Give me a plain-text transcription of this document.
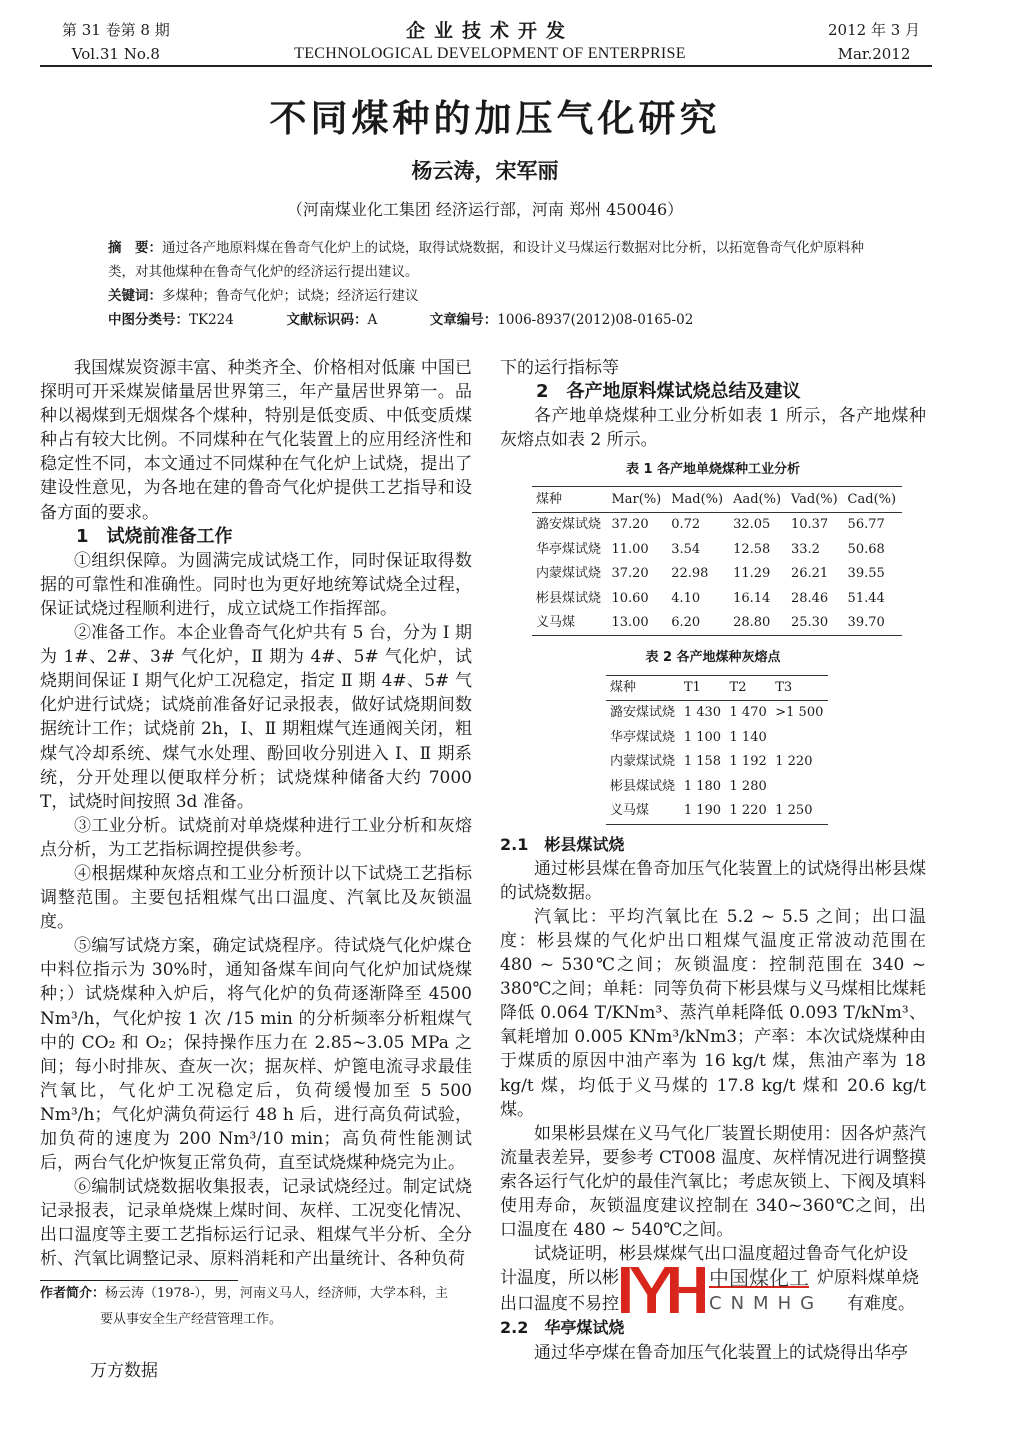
第 31 卷第 8 期
Vol.31 No.8
企业技术开发
TECHNOLOGICAL DEVELOPMENT OF ENTERPRISE
2012 年 3 月
Mar.2012
不同煤种的加压气化研究
杨云涛，宋军丽
（河南煤业化工集团 经济运行部，河南 郑州 450046）
摘　要：通过各产地原料煤在鲁奇气化炉上的试烧，取得试烧数据，和设计义马煤运行数据对比分析，以拓宽鲁奇气化炉原料种类，对其他煤种在鲁奇气化炉的经济运行提出建议。
关键词：多煤种；鲁奇气化炉；试烧；经济运行建议
中图分类号：TK224	文献标识码：A	文章编号：1006-8937(2012)08-0165-02

我国煤炭资源丰富、种类齐全、价格相对低廉 中国已探明可开采煤炭储量居世界第三，年产量居世界第一。品种以褐煤到无烟煤各个煤种，特别是低变质、中低变质煤种占有较大比例。不同煤种在气化装置上的应用经济性和稳定性不同，本文通过不同煤种在气化炉上试烧，提出了建设性意见，为各地在建的鲁奇气化炉提供工艺指导和设备方面的要求。

1　试烧前准备工作

①组织保障。为圆满完成试烧工作，同时保证取得数据的可靠性和准确性。同时也为更好地统筹试烧全过程，保证试烧过程顺利进行，成立试烧工作指挥部。

②准备工作。本企业鲁奇气化炉共有 5 台，分为 Ⅰ 期为 1#、2#、3# 气化炉，Ⅱ 期为 4#、5# 气化炉，试烧期间保证 Ⅰ 期气化炉工况稳定，指定 Ⅱ 期 4#、5# 气化炉进行试烧；试烧前准备好记录报表，做好试烧期间数据统计工作；试烧前 2h，Ⅰ、Ⅱ 期粗煤气连通阀关闭，粗煤气冷却系统、煤气水处理、酚回收分别进入 Ⅰ、Ⅱ 期系统，分开处理以便取样分析；试烧煤种储备大约 7000 T，试烧时间按照 3d 准备。

③工业分析。试烧前对单烧煤种进行工业分析和灰熔点分析，为工艺指标调控提供参考。

④根据煤种灰熔点和工业分析预计以下试烧工艺指标调整范围。主要包括粗煤气出口温度、汽氧比及灰锁温度。

⑤编写试烧方案，确定试烧程序。待试烧气化炉煤仓中料位指示为 30%时，通知备煤车间向气化炉加试烧煤种；）试烧煤种入炉后，将气化炉的负荷逐渐降至 4500 Nm³/h，气化炉按 1 次 /15 min 的分析频率分析粗煤气中的 CO₂ 和 O₂；保持操作压力在 2.85~3.05 MPa 之间；每小时排灰、查灰一次；据灰样、炉篦电流寻求最佳汽氧比，气化炉工况稳定后，负荷缓慢加至 5 500 Nm³/h；气化炉满负荷运行 48 h 后，进行高负荷试验，加负荷的速度为 200 Nm³/10 min；高负荷性能测试后，两台气化炉恢复正常负荷，直至试烧煤种烧完为止。

⑥编制试烧数据收集报表，记录试烧经过。制定试烧记录报表，记录单烧煤上煤时间、灰样、工况变化情况、出口温度等主要工艺指标运行记录、粗煤气半分析、全分析、汽氧比调整记录、原料消耗和产出量统计、各种负荷

作者简介：杨云涛（1978-），男，河南义马人，经济师，大学本科，主
要从事安全生产经营管理工作。
万方数据

下的运行指标等

2　各产地原料煤试烧总结及建议

各产地单烧煤种工业分析如表 1 所示，各产地煤种灰熔点如表 2 所示。

表 1 各产地单烧煤种工业分析
煤种	Mar(%)	Mad(%)	Aad(%)	Vad(%)	Cad(%)
潞安煤试烧	37.20	0.72	32.05	10.37	56.77
华亭煤试烧	11.00	3.54	12.58	33.2	50.68
内蒙煤试烧	37.20	22.98	11.29	26.21	39.55
彬县煤试烧	10.60	4.10	16.14	28.46	51.44
义马煤	13.00	6.20	28.80	25.30	39.70
表 2 各产地煤种灰熔点
煤种	T1	T2	T3
潞安煤试烧	1 430	1 470	>1 500
华亭煤试烧	1 100	1 140	
内蒙煤试烧	1 158	1 192	1 220
彬县煤试烧	1 180	1 280	
义马煤	1 190	1 220	1 250

2.1　彬县煤试烧

通过彬县煤在鲁奇加压气化装置上的试烧得出彬县煤的试烧数据。

汽氧比：平均汽氧比在 5.2 ~ 5.5 之间；出口温度：彬县煤的气化炉出口粗煤气温度正常波动范围在 480 ~ 530℃之间；灰锁温度：控制范围在 340 ~ 380℃之间；单耗：同等负荷下彬县煤与义马煤相比煤耗降低 0.064 T/KNm³、蒸汽单耗降低 0.093 T/kNm³、氧耗增加 0.005 KNm³/kNm3；产率：本次试烧煤种由于煤质的原因中油产率为 16 kg/t 煤，焦油产率为 18 kg/t 煤，均低于义马煤的 17.8 kg/t 煤和 20.6 kg/t 煤。

如果彬县煤在义马气化厂装置长期使用：因各炉蒸汽流量表差异，要参考 CT008 温度、灰样情况进行调整摸索各运行气化炉的最佳汽氧比；考虑灰锁上、下阀及填料使用寿命，灰锁温度建议控制在 340~360℃之间，出口温度在 480 ~ 540℃之间。

试烧证明，彬县煤煤气出口温度超过鲁奇气化炉设

计温度，所以彬	中国煤化工 炉原料煤单烧

出口温度不易控	CNMHG 有难度。

2.2　华亭煤试烧

通过华亭煤在鲁奇加压气化装置上的试烧得出华亭
